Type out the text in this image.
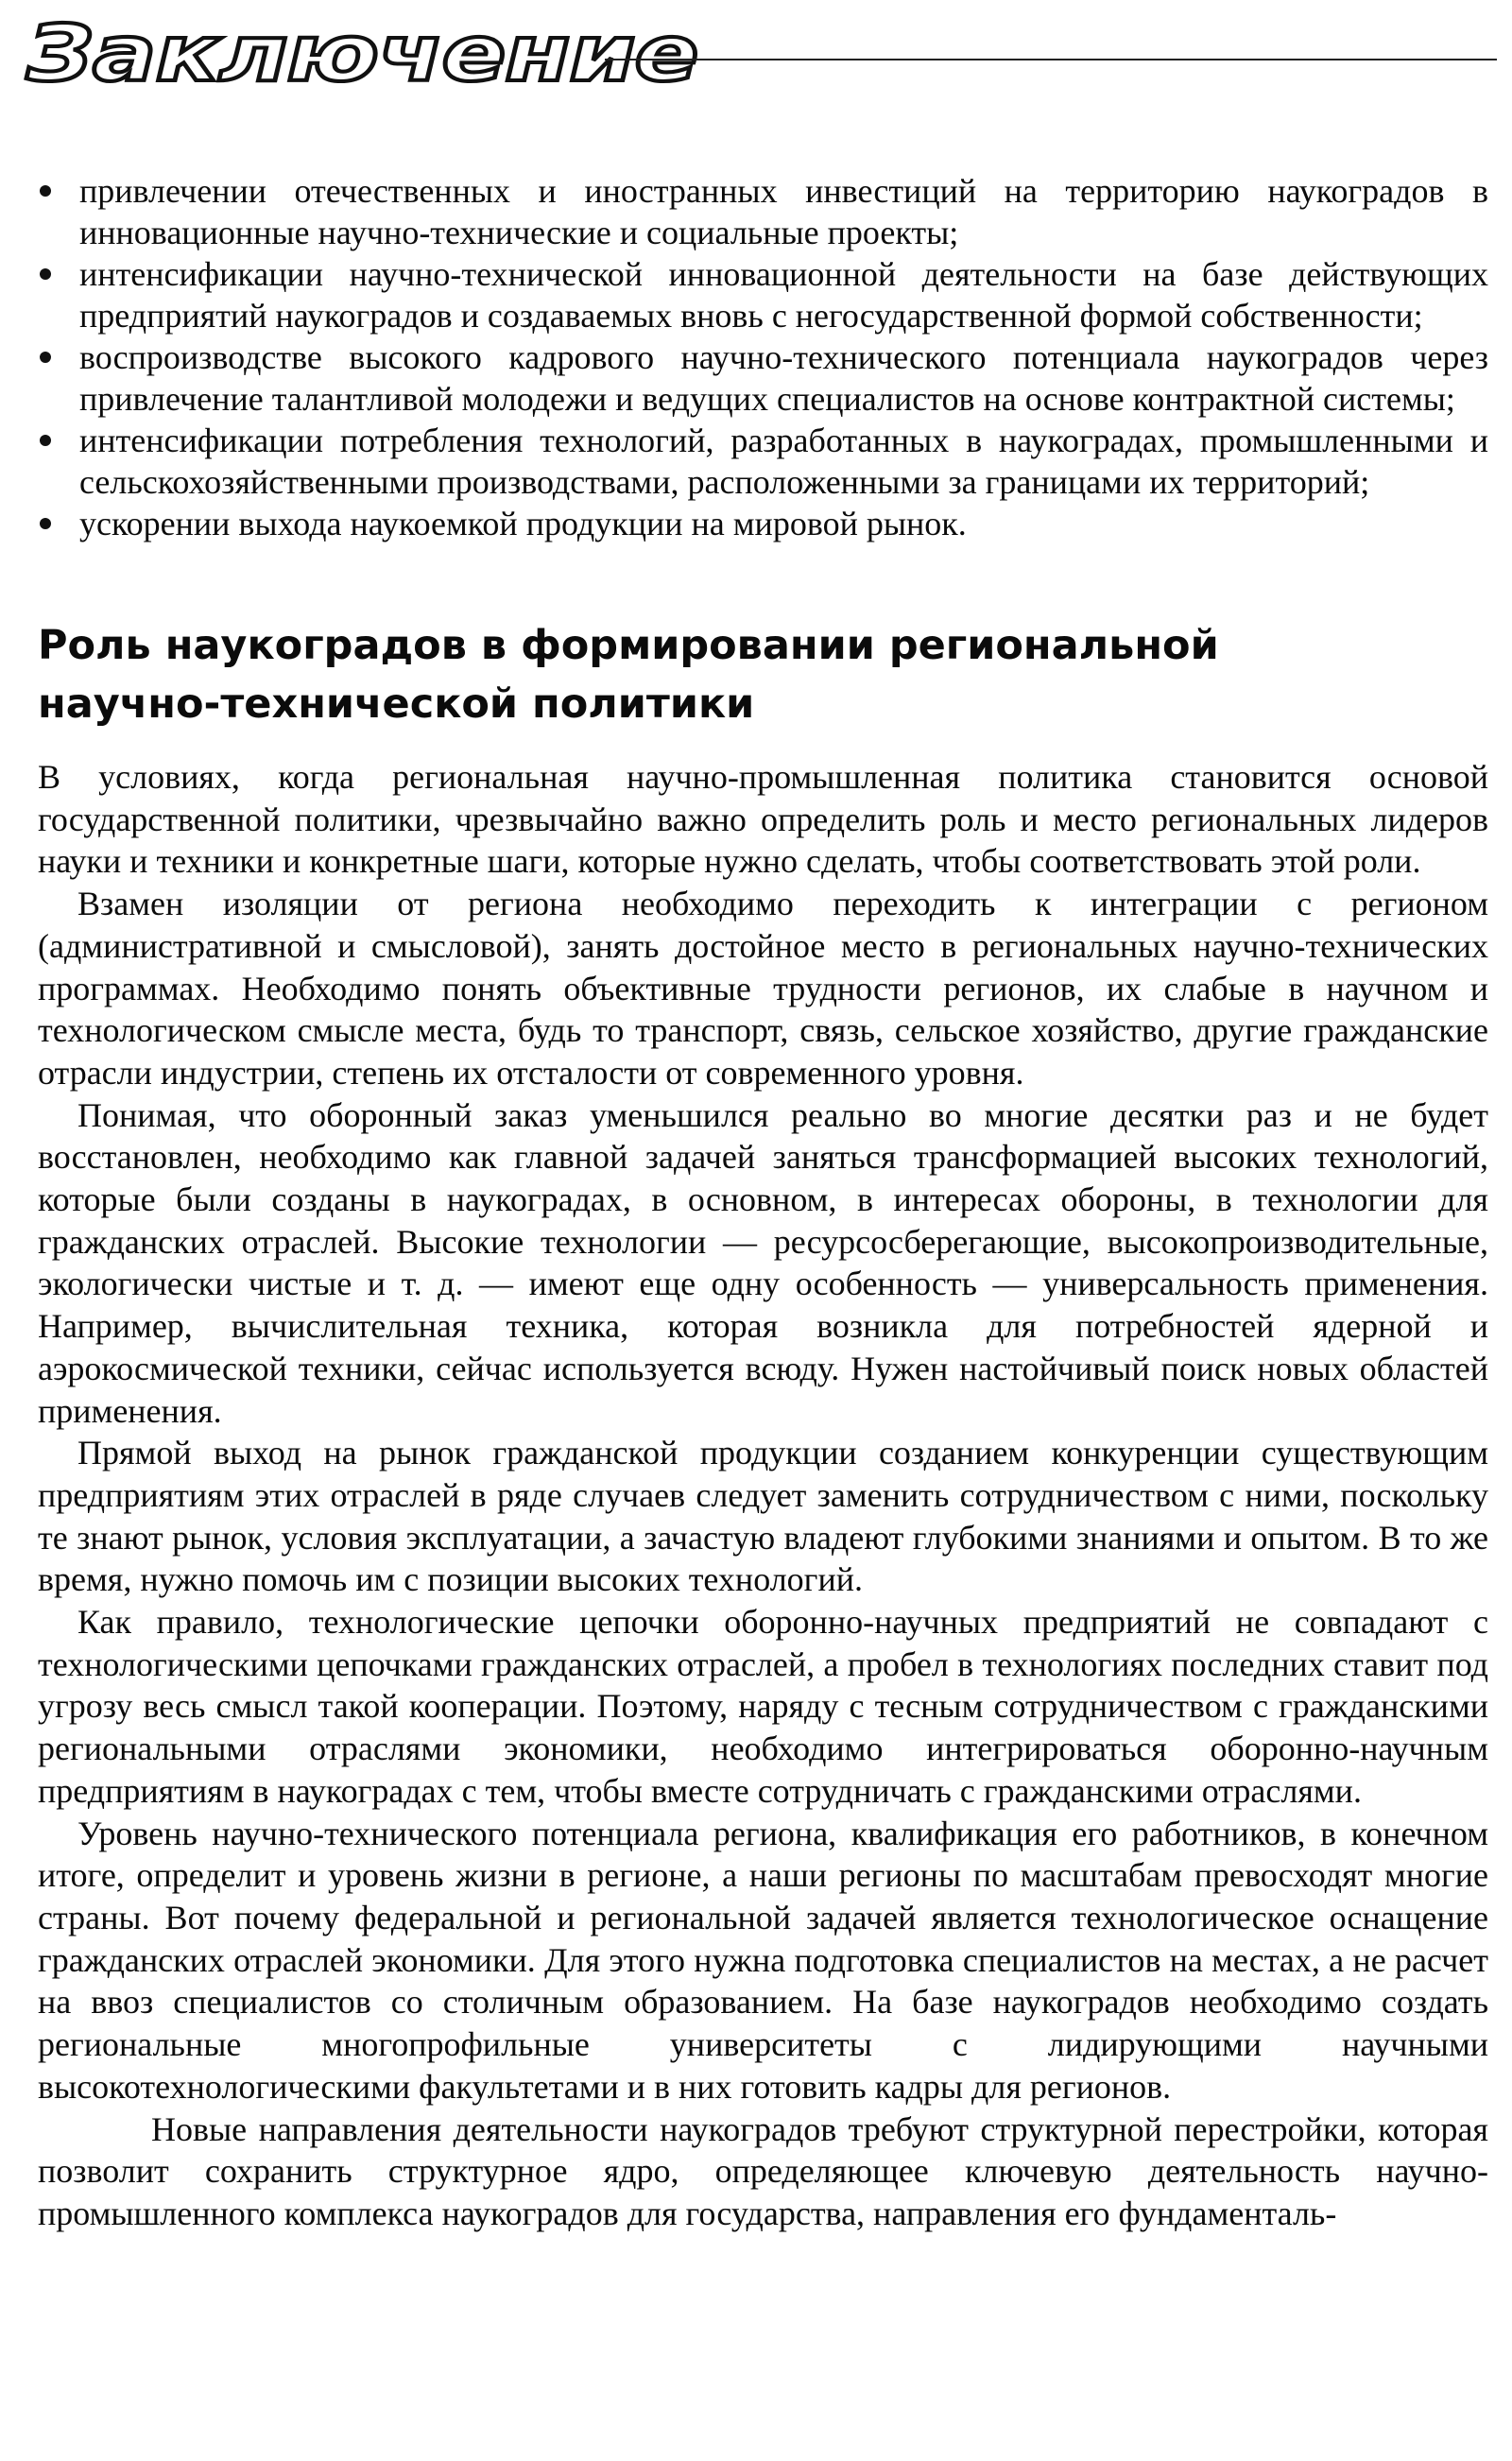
Заключение
привлечении отечественных и иностранных инвестиций на территорию наукоградов в инновационные научно-технические и социальные проекты;
интенсификации научно-технической инновационной деятельности на базе действующих предприятий наукоградов и создаваемых вновь с негосударственной формой собственности;
воспроизводстве высокого кадрового научно-технического потенциала наукоградов через привлечение талантливой молодежи и ведущих специалистов на основе контрактной системы;
интенсификации потребления технологий, разработанных в наукоградах, промышленными и сельскохозяйственными производствами, расположенными за границами их территорий;
ускорении выхода наукоемкой продукции на мировой рынок.
Роль наукоградов в формировании региональной научно-технической политики

В условиях, когда региональная научно-промышленная политика становится основой государственной политики, чрезвычайно важно определить роль и место региональных лидеров науки и техники и конкретные шаги, которые нужно сделать, чтобы соответствовать этой роли.

Взамен изоляции от региона необходимо переходить к интеграции с регионом (административной и смысловой), занять достойное место в региональных научно-технических программах. Необходимо понять объективные трудности регионов, их слабые в научном и технологическом смысле места, будь то транспорт, связь, сельское хозяйство, другие гражданские отрасли индустрии, степень их отсталости от современного уровня.

Понимая, что оборонный заказ уменьшился реально во многие десятки раз и не будет восстановлен, необходимо как главной задачей заняться трансформацией высоких технологий, которые были созданы в наукоградах, в основном, в интересах обороны, в технологии для гражданских отраслей. Высокие технологии — ресурсосберегающие, высокопроизводительные, экологически чистые и т. д. — имеют еще одну особенность — универсальность применения. Например, вычислительная техника, которая возникла для потребностей ядерной и аэрокосмической техники, сейчас используется всюду. Нужен настойчивый поиск новых областей применения.

Прямой выход на рынок гражданской продукции созданием конкуренции существующим предприятиям этих отраслей в ряде случаев следует заменить сотрудничеством с ними, поскольку те знают рынок, условия эксплуатации, а зачастую владеют глубокими знаниями и опытом. В то же время, нужно помочь им с позиции высоких технологий.

Как правило, технологические цепочки оборонно-научных предприятий не совпадают с технологическими цепочками гражданских отраслей, а пробел в технологиях последних ставит под угрозу весь смысл такой кооперации. Поэтому, наряду с тесным сотрудничеством с гражданскими региональными отраслями экономики, необходимо интегрироваться оборонно-научным предприятиям в наукоградах с тем, чтобы вместе сотрудничать с гражданскими отраслями.

Уровень научно-технического потенциала региона, квалификация его работников, в конечном итоге, определит и уровень жизни в регионе, а наши регионы по масштабам превосходят многие страны. Вот почему федеральной и региональной задачей является технологическое оснащение гражданских отраслей экономики. Для этого нужна подготовка специалистов на местах, а не расчет на ввоз специалистов со столичным образованием. На базе наукоградов необходимо создать региональные многопрофильные университеты с лидирующими научными высокотехнологическими факультетами и в них готовить кадры для регионов.

Новые направления деятельности наукоградов требуют структурной перестройки, которая позволит сохранить структурное ядро, определяющее ключевую деятельность научно-промышленного комплекса наукоградов для государства, направления его фундаменталь-
